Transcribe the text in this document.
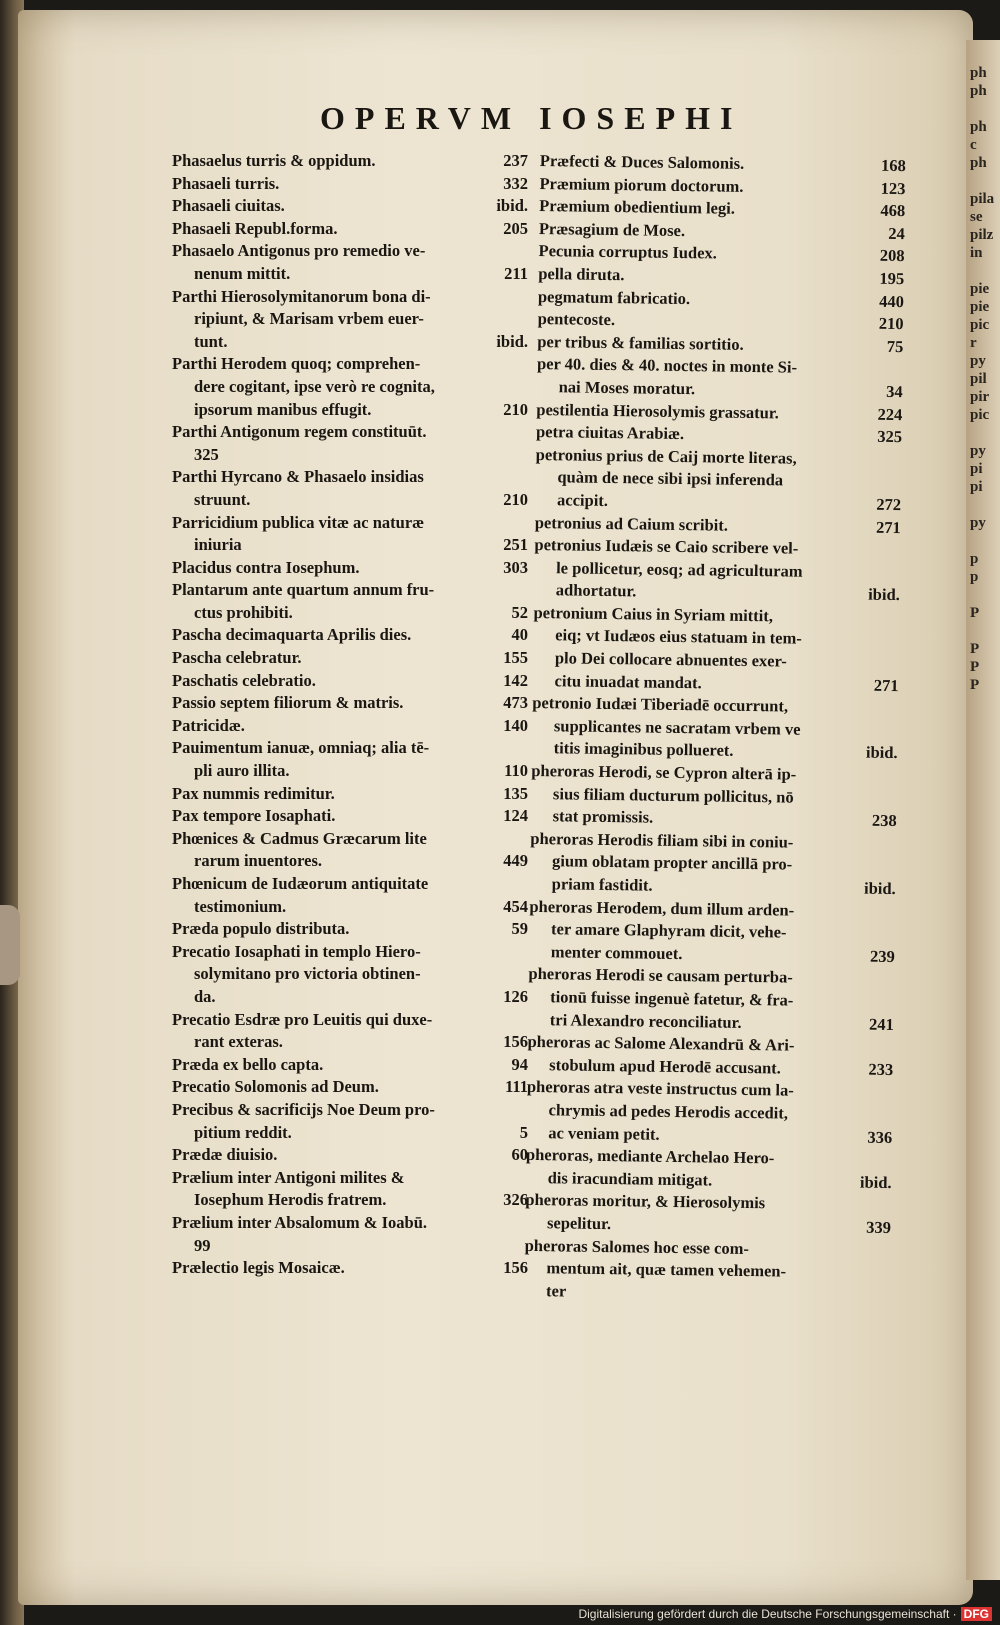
ph
ph

ph
c
ph

pila
se
pilz
in

pie
pie
pic
r
py
pil
pir
pic

py
pi
pi

py

p
p

P

P
P
P
OPERVM IOSEPHI
Phasaelus turris & oppidum.	237
Phasaeli turris.	332
Phasaeli ciuitas.	ibid.
Phasaeli Republ.forma.	205
Phasaelo Antigonus pro remedio ve-
nenum mittit.	211
Parthi Hierosolymitanorum bona di-
ripiunt, & Marisam vrbem euer-
tunt.	ibid.
Parthi Herodem quoq; comprehen-
dere cogitant, ipse verò re cognita,
ipsorum manibus effugit.	210
Parthi Antigonum regem constituūt.
325
Parthi Hyrcano & Phasaelo insidias
struunt.	210
Parricidium publica vitæ ac naturæ
iniuria	251
Placidus contra Iosephum.	303
Plantarum ante quartum annum fru-
ctus prohibiti.	52
Pascha decimaquarta Aprilis dies.	40
Pascha celebratur.	155
Paschatis celebratio.	142
Passio septem filiorum & matris.	473
Patricidæ.	140
Pauimentum ianuæ, omniaq; alia tē-
pli auro illita.	110
Pax nummis redimitur.	135
Pax tempore Iosaphati.	124
Phœnices & Cadmus Græcarum lite
rarum inuentores.	449
Phœnicum de Iudæorum antiquitate
testimonium.	454
Præda populo distributa.	59
Precatio Iosaphati in templo Hiero-
solymitano pro victoria obtinen-
da.	126
Precatio Esdræ pro Leuitis qui duxe-
rant exteras.	156
Præda ex bello capta.	94
Precatio Solomonis ad Deum.	111
Precibus & sacrificijs Noe Deum pro-
pitium reddit.	5
Prædæ diuisio.	60
Prælium inter Antigoni milites &
Iosephum Herodis fratrem.	326
Prælium inter Absalomum & Ioabū.
99
Prælectio legis Mosaicæ.	156
Præfecti & Duces Salomonis.	168
Præmium piorum doctorum.	123
Præmium obedientium legi.	468
Præsagium de Mose.	24
Pecunia corruptus Iudex.	208
pella diruta.	195
pegmatum fabricatio.	440
pentecoste.	210
per tribus & familias sortitio.	75
per 40. dies & 40. noctes in monte Si-
nai Moses moratur.	34
pestilentia Hierosolymis grassatur.	224
petra ciuitas Arabiæ.	325
petronius prius de Caij morte literas,
quàm de nece sibi ipsi inferenda
accipit.	272
petronius ad Caium scribit.	271
petronius Iudæis se Caio scribere vel-
le pollicetur, eosq; ad agriculturam
adhortatur.	ibid.
petronium Caius in Syriam mittit,
eiq; vt Iudæos eius statuam in tem-
plo Dei collocare abnuentes exer-
citu inuadat mandat.	271
petronio Iudæi Tiberiadē occurrunt,
supplicantes ne sacratam vrbem ve
titis imaginibus pollueret.	ibid.
pheroras Herodi, se Cypron alterā ip-
sius filiam ducturum pollicitus, nō
stat promissis.	238
pheroras Herodis filiam sibi in coniu-
gium oblatam propter ancillā pro-
priam fastidit.	ibid.
pheroras Herodem, dum illum arden-
ter amare Glaphyram dicit, vehe-
menter commouet.	239
pheroras Herodi se causam perturba-
tionū fuisse ingenuè fatetur, & fra-
tri Alexandro reconciliatur.	241
pheroras ac Salome Alexandrū & Ari-
stobulum apud Herodē accusant.	233
pheroras atra veste instructus cum la-
chrymis ad pedes Herodis accedit,
ac veniam petit.	336
pheroras, mediante Archelao Hero-
dis iracundiam mitigat.	ibid.
pheroras moritur, & Hierosolymis
sepelitur.	339
pheroras Salomes hoc esse com-
mentum ait, quæ tamen vehemen-
ter
Digitalisierung gefördert durch die Deutsche Forschungsgemeinschaft · DFG
